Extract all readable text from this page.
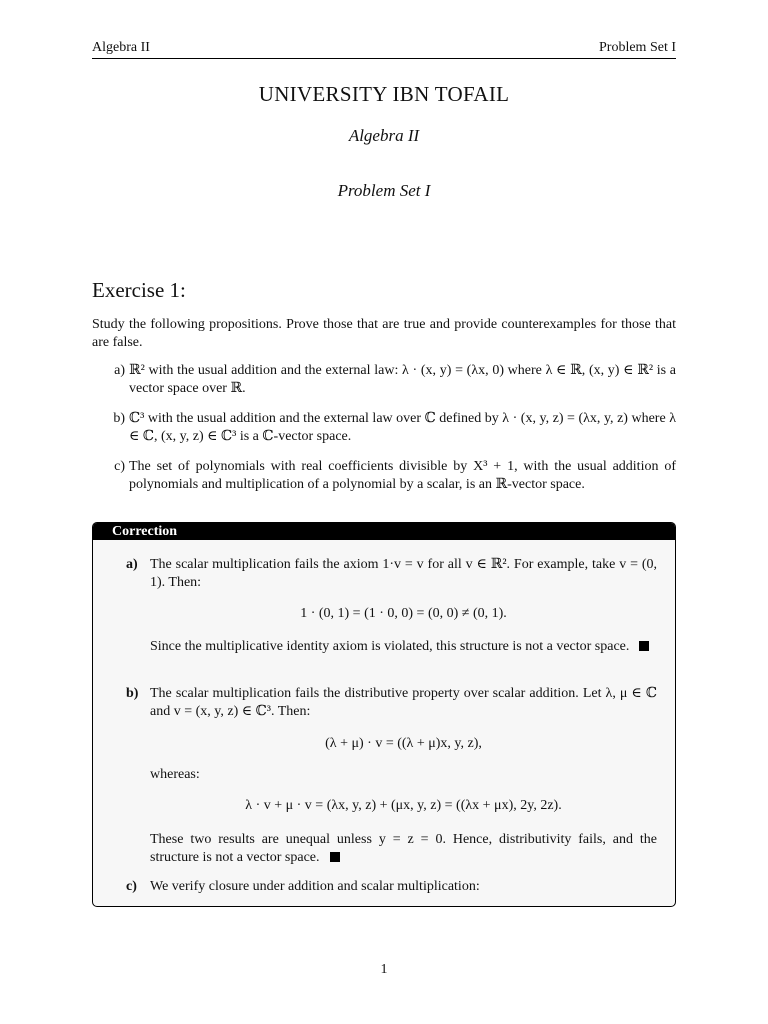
Algebra II	Problem Set I
UNIVERSITY IBN TOFAIL
Algebra II
Problem Set I
Exercise 1:
Study the following propositions. Prove those that are true and provide counterexamples for those that are false.
a) ℝ² with the usual addition and the external law: λ · (x, y) = (λx, 0) where λ ∈ ℝ, (x, y) ∈ ℝ² is a vector space over ℝ.
b) ℂ³ with the usual addition and the external law over ℂ defined by λ · (x, y, z) = (λx, y, z) where λ ∈ ℂ, (x, y, z) ∈ ℂ³ is a ℂ-vector space.
c) The set of polynomials with real coefficients divisible by X³ + 1, with the usual addition of polynomials and multiplication of a polynomial by a scalar, is an ℝ-vector space.
Correction
a) The scalar multiplication fails the axiom 1·v = v for all v ∈ ℝ². For example, take v = (0, 1). Then:
1 · (0, 1) = (1 · 0, 0) = (0, 0) ≠ (0, 1).
Since the multiplicative identity axiom is violated, this structure is not a vector space.
b) The scalar multiplication fails the distributive property over scalar addition. Let λ, μ ∈ ℂ and v = (x, y, z) ∈ ℂ³. Then:
(λ + μ) · v = ((λ + μ)x, y, z),
whereas:
λ · v + μ · v = (λx, y, z) + (μx, y, z) = ((λx + μx), 2y, 2z).
These two results are unequal unless y = z = 0. Hence, distributivity fails, and the structure is not a vector space.
c) We verify closure under addition and scalar multiplication:
1
